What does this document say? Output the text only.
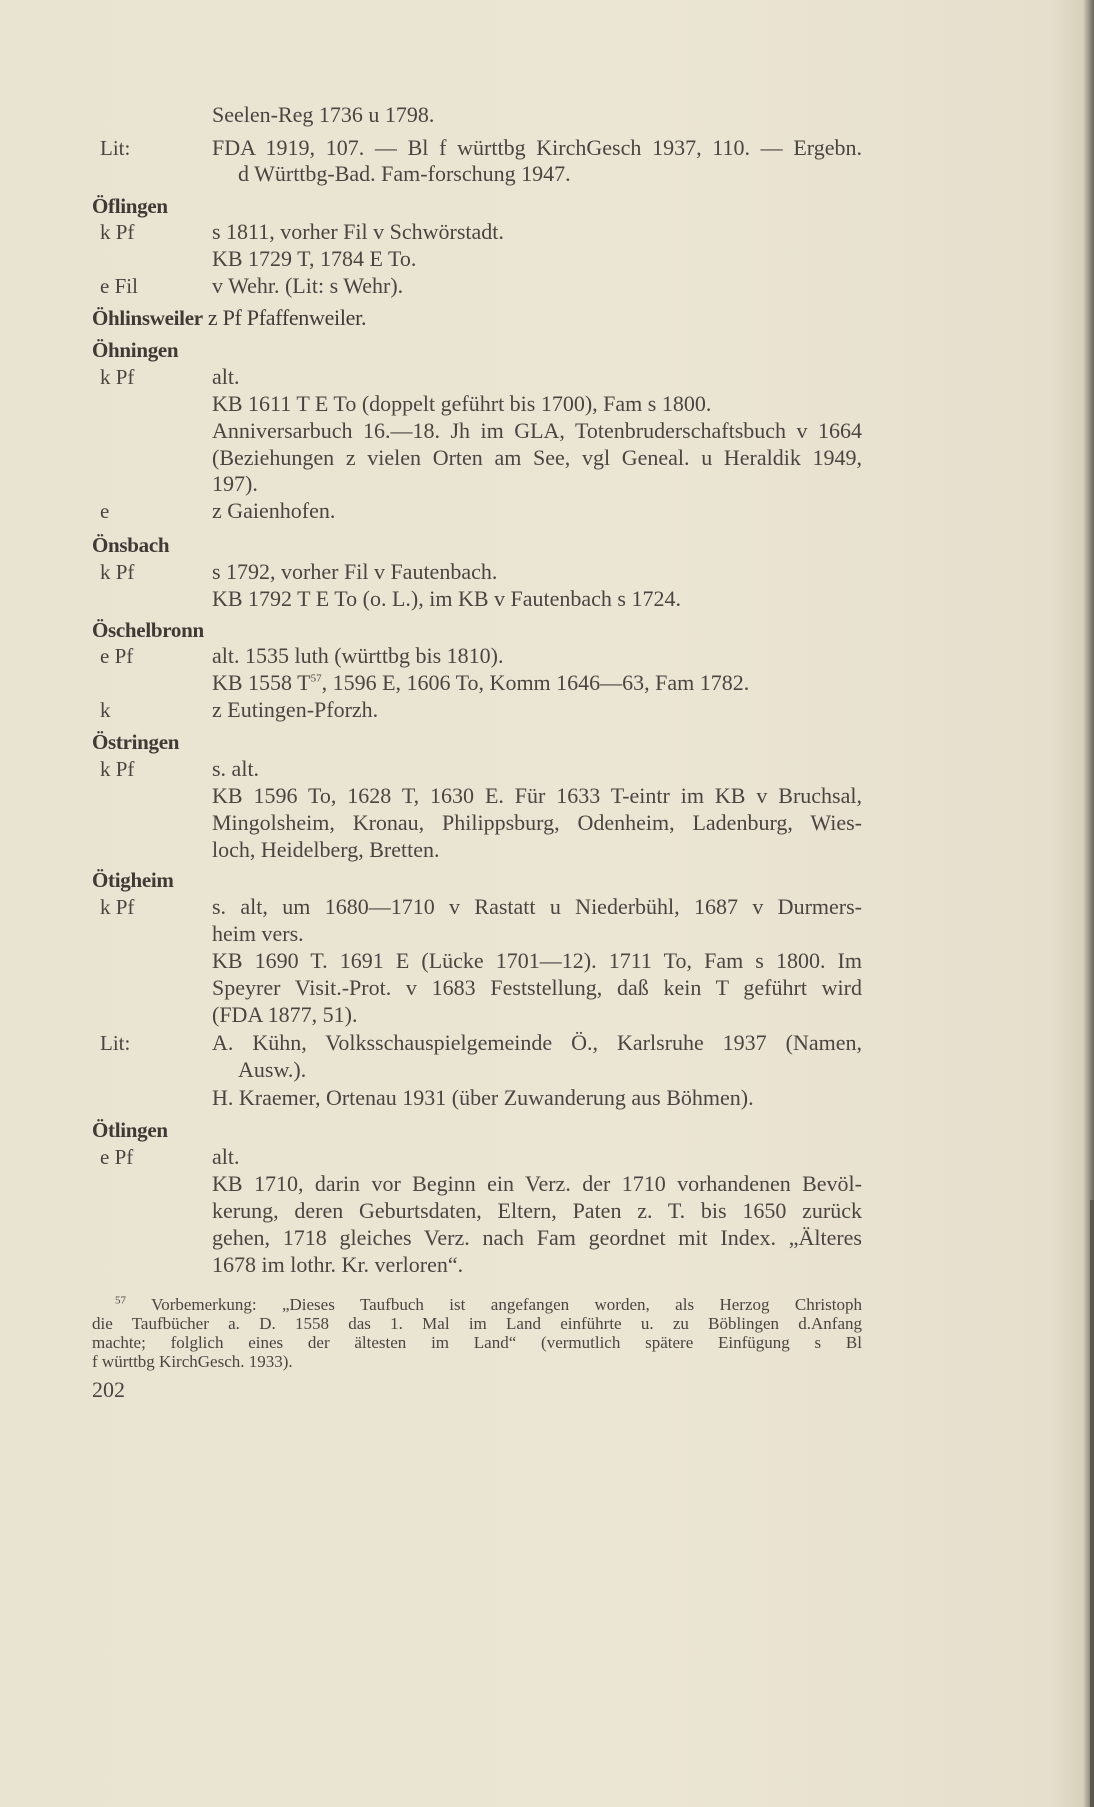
Seelen-Reg 1736 u 1798.
Lit:	FDA 1919, 107. — Bl f württbg KirchGesch 1937, 110. — Ergebn.
d Württbg-Bad. Fam-forschung 1947.
Öflingen
k Pf	s 1811, vorher Fil v Schwörstadt.
KB 1729 T, 1784 E To.
e Fil	v Wehr. (Lit: s Wehr).
Öhlinsweiler z Pf Pfaffenweiler.
Öhningen
k Pf	alt.
KB 1611 T E To (doppelt geführt bis 1700), Fam s 1800.
Anniversarbuch 16.—18. Jh im GLA, Totenbruderschaftsbuch v 1664
(Beziehungen z vielen Orten am See, vgl Geneal. u Heraldik 1949,
197).
e	z Gaienhofen.
Önsbach
k Pf	s 1792, vorher Fil v Fautenbach.
KB 1792 T E To (o. L.), im KB v Fautenbach s 1724.
Öschelbronn
e Pf	alt. 1535 luth (württbg bis 1810).
KB 1558 $T^{57}$, 1596 E, 1606 To, Komm 1646—63, Fam 1782.
k	z Eutingen-Pforzh.
Östringen
k Pf	s. alt.
KB 1596 To, 1628 T, 1630 E. Für 1633 T-eintr im KB v Bruchsal,
Mingolsheim, Kronau, Philippsburg, Odenheim, Ladenburg, Wies-
loch, Heidelberg, Bretten.
Ötigheim
k Pf	s. alt, um 1680—1710 v Rastatt u Niederbühl, 1687 v Durmers-
heim vers.
KB 1690 T. 1691 E (Lücke 1701—12). 1711 To, Fam s 1800. Im
Speyrer Visit.-Prot. v 1683 Feststellung, daß kein T geführt wird
(FDA 1877, 51).
Lit:	A. Kühn, Volksschauspielgemeinde Ö., Karlsruhe 1937 (Namen,
Ausw.).
H. Kraemer, Ortenau 1931 (über Zuwanderung aus Böhmen).
Ötlingen
e Pf	alt.
KB 1710, darin vor Beginn ein Verz. der 1710 vorhandenen Bevöl-
kerung, deren Geburtsdaten, Eltern, Paten z. T. bis 1650 zurück
gehen, 1718 gleiches Verz. nach Fam geordnet mit Index. „Älteres
1678 im lothr. Kr. verloren“.
$^{57}$ Vorbemerkung: „Dieses Taufbuch ist angefangen worden, als Herzog Christoph
die Taufbücher a. D. 1558 das 1. Mal im Land einführte u. zu Böblingen d.Anfang
machte; folglich eines der ältesten im Land“ (vermutlich spätere Einfügung s Bl
f württbg KirchGesch. 1933).
202
